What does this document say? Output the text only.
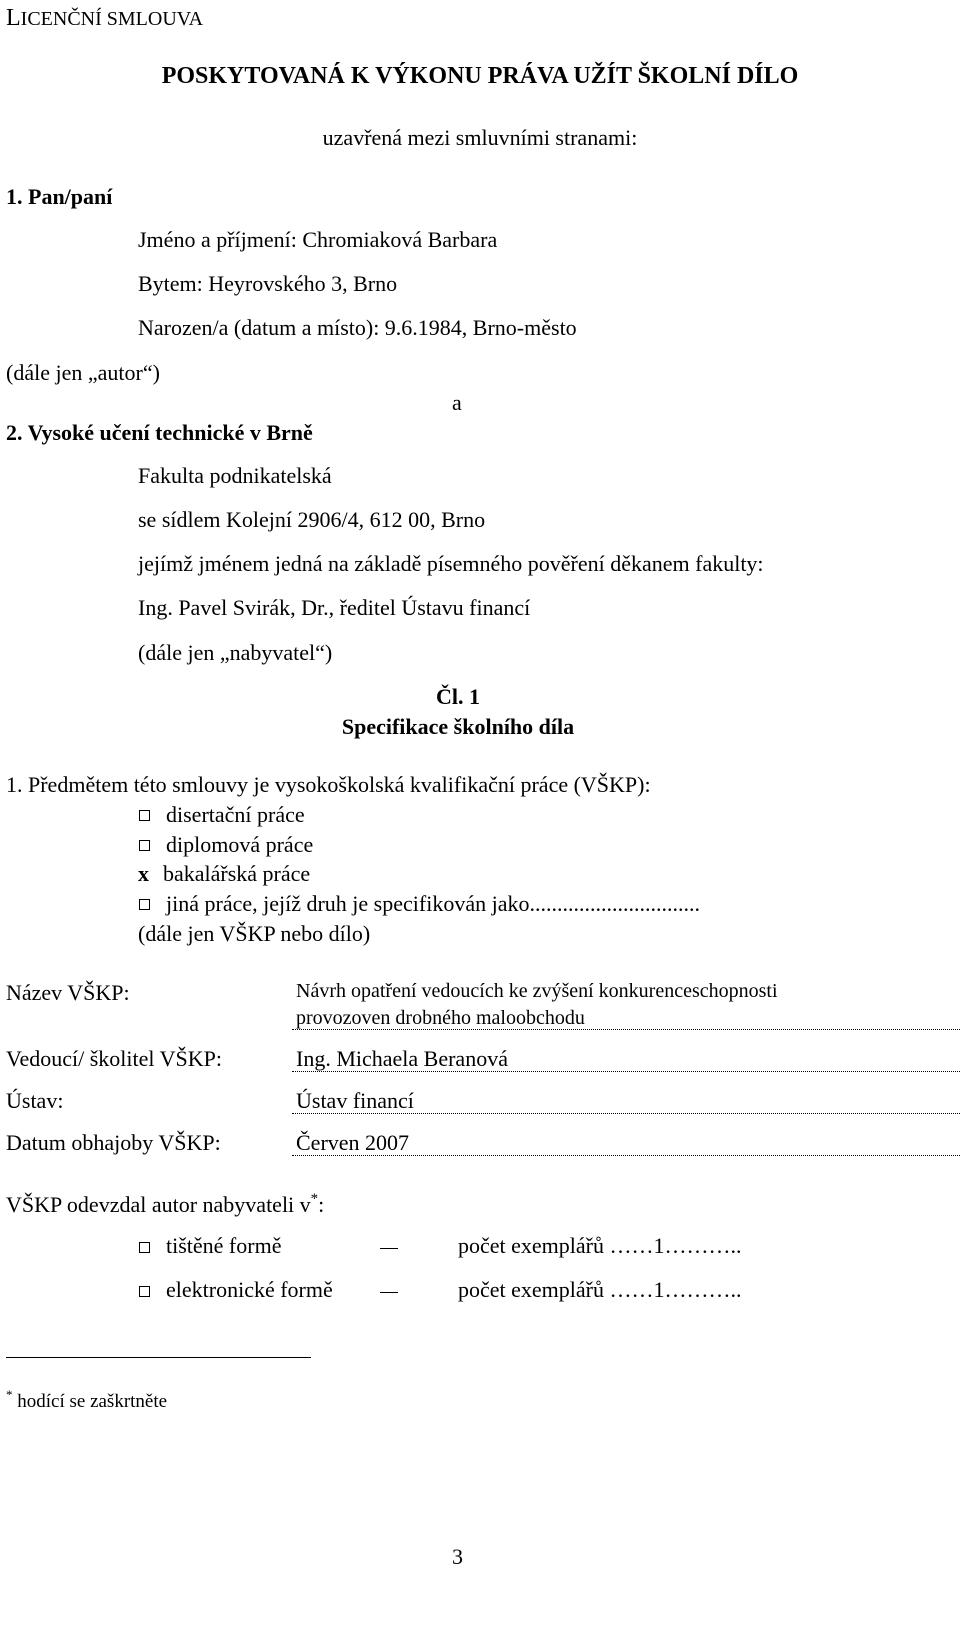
LICENČNÍ SMLOUVA
POSKYTOVANÁ K VÝKONU PRÁVA UŽÍT ŠKOLNÍ DÍLO
uzavřená mezi smluvními stranami:
1. Pan/paní
Jméno a příjmení: Chromiaková Barbara
Bytem: Heyrovského 3, Brno
Narozen/a (datum a místo): 9.6.1984, Brno-město
(dále jen „autor“)
a
2. Vysoké učení technické v Brně
Fakulta podnikatelská
se sídlem Kolejní 2906/4, 612 00, Brno
jejímž jménem jedná na základě písemného pověření děkanem fakulty:
Ing. Pavel Svirák, Dr., ředitel Ústavu financí
(dále jen „nabyvatel“)
Čl. 1
Specifikace školního díla
1. Předmětem této smlouvy je vysokoškolská kvalifikační práce (VŠKP):
disertační práce
diplomová práce
x bakalářská práce
jiná práce, jejíž druh je specifikován jako...............................
(dále jen VŠKP nebo dílo)
Název VŠKP:	Návrh opatření vedoucích ke zvýšení konkurenceschopnosti
provozoven drobného maloobchodu
Vedoucí/ školitel VŠKP:	Ing. Michaela Beranová
Ústav:	Ústav financí
Datum obhajoby VŠKP:	Červen 2007
VŠKP odevzdal autor nabyvateli v*:
tištěné formě	počet exemplářů ……1………..
elektronické formě	počet exemplářů ……1………..
* hodící se zaškrtněte
3
